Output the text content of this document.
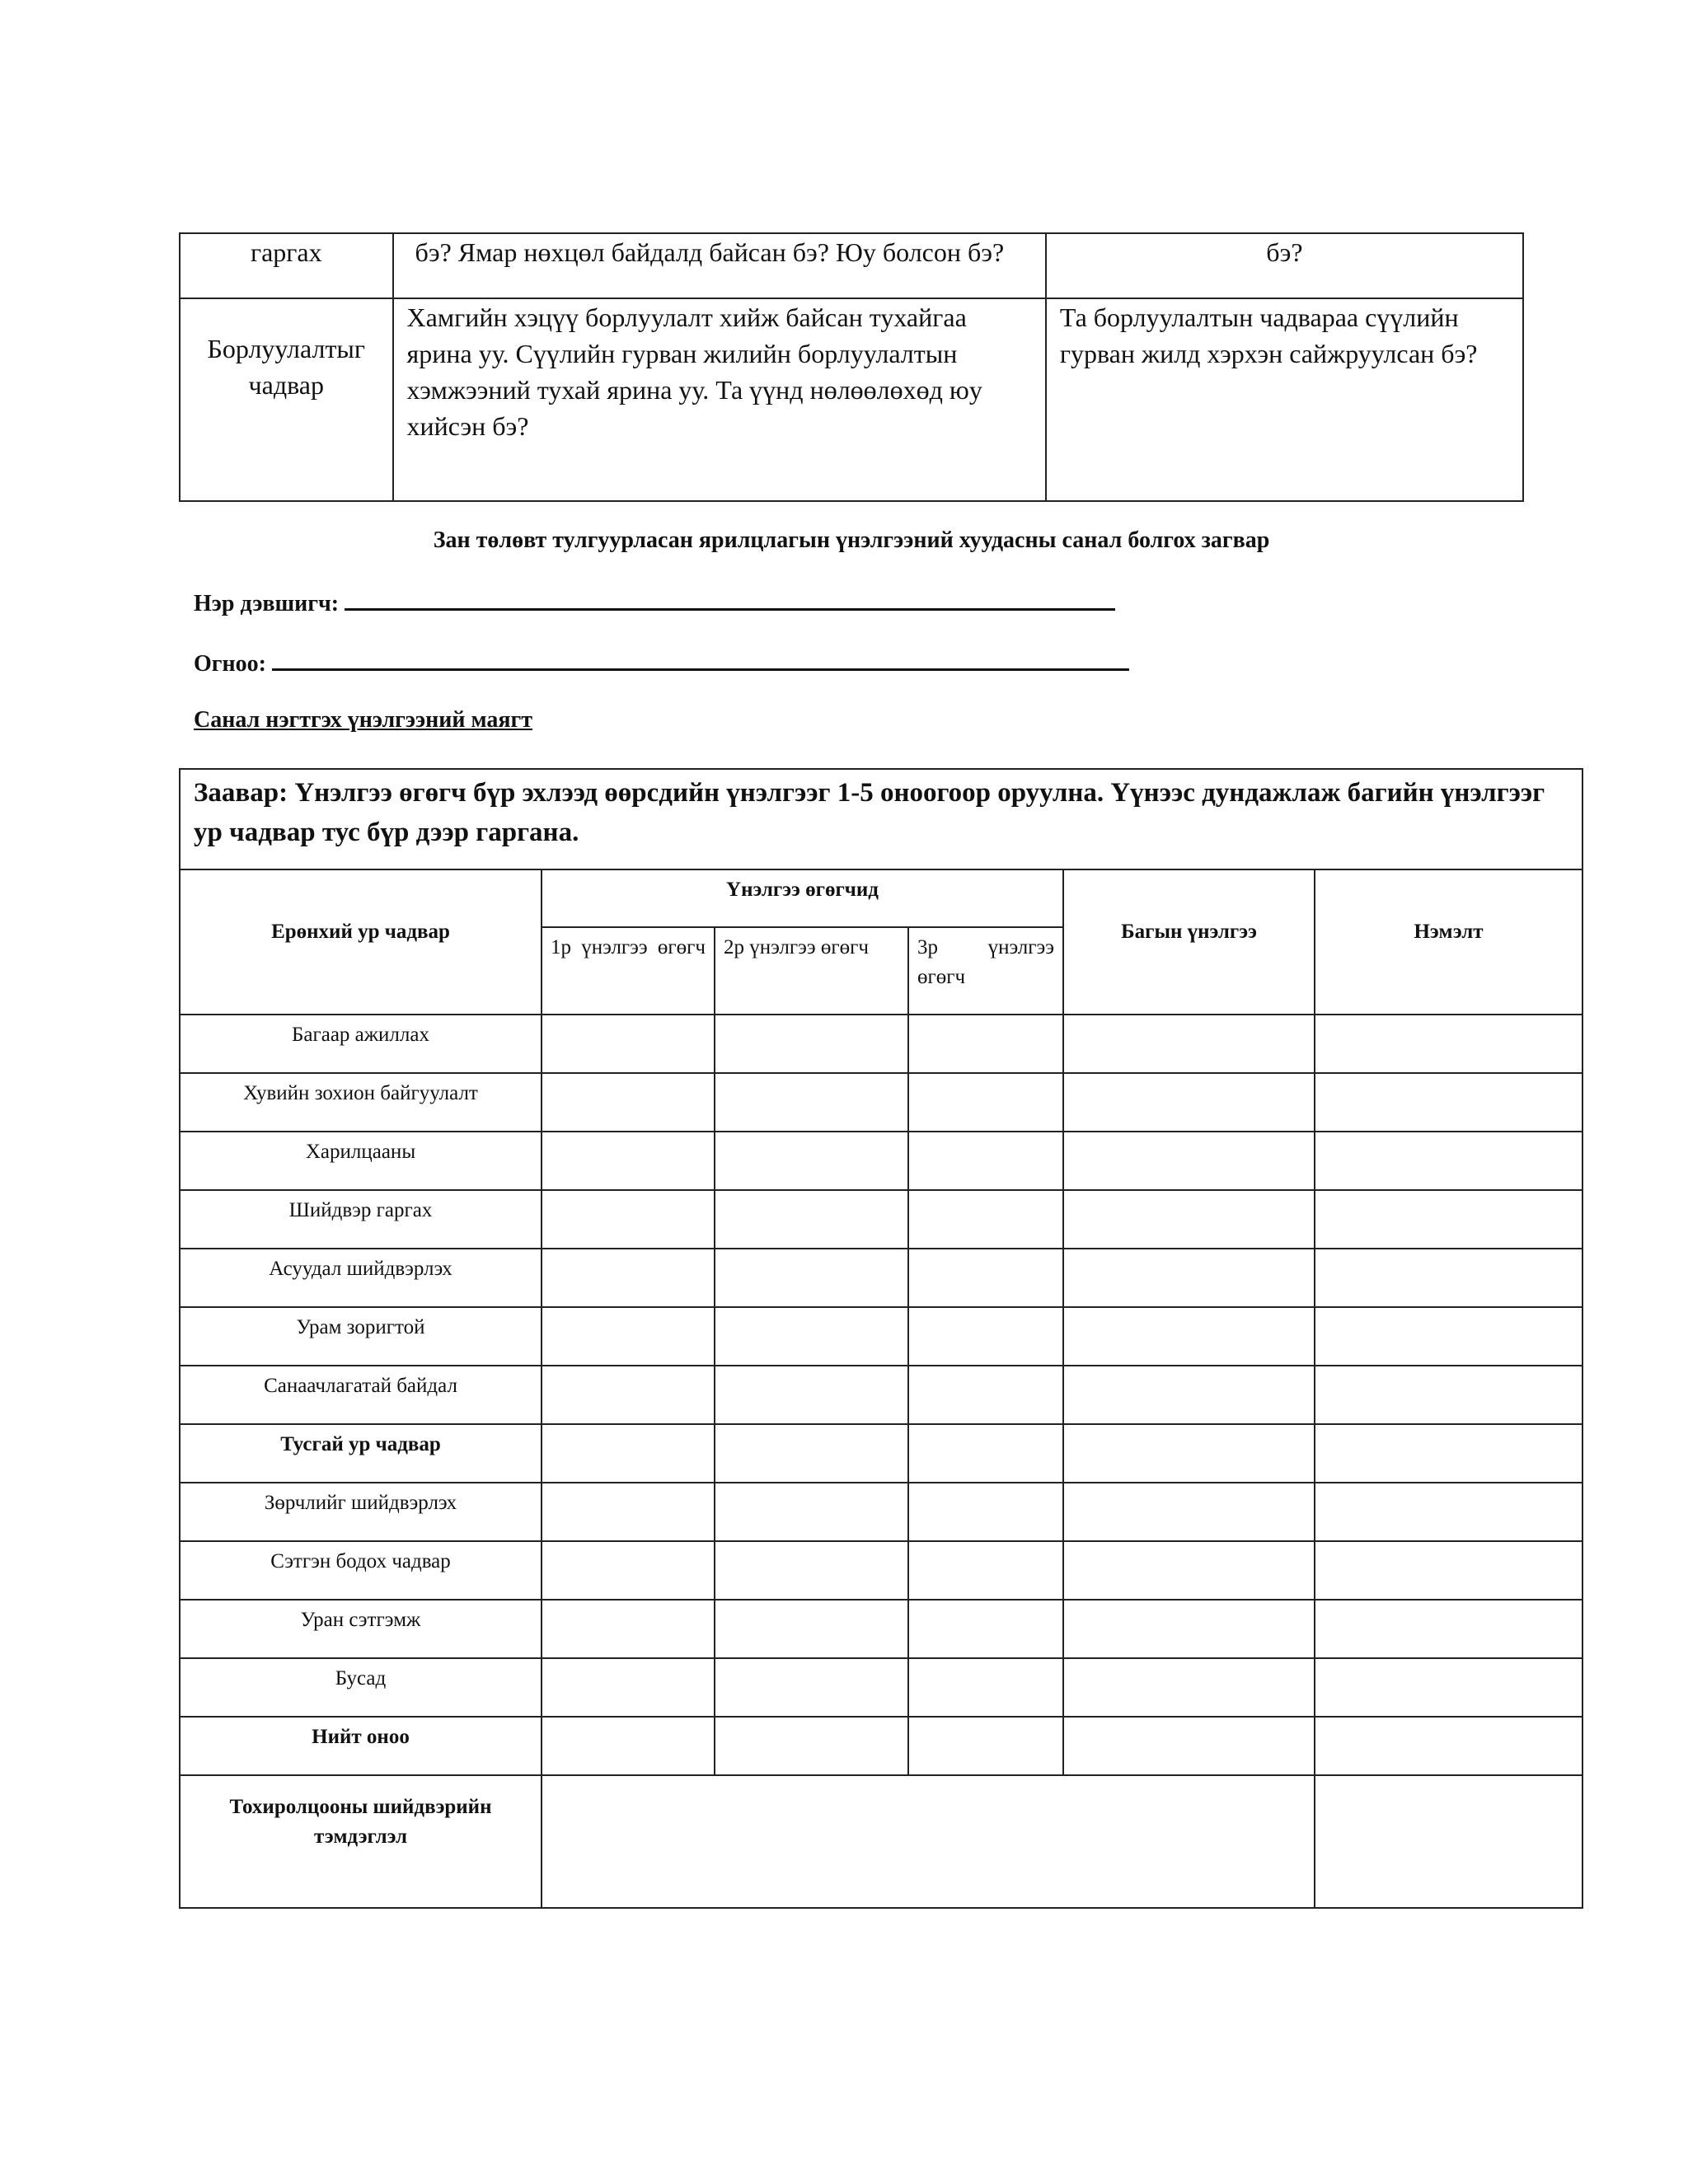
гаргах	бэ? Ямар нөхцөл байдалд байсан бэ? Юу болсон бэ?	бэ?
Борлуулалтыг чадвар	Хамгийн хэцүү борлуулалт хийж байсан тухайгаа ярина уу. Сүүлийн гурван жилийн борлуулалтын хэмжээний тухай ярина уу. Та үүнд нөлөөлөхөд юу хийсэн бэ?	Та борлуулалтын чадвараа сүүлийн гурван жилд хэрхэн сайжруулсан бэ?
Зан төлөвт тулгуурласан ярилцлагын үнэлгээний хуудасны санал болгох загвар
Нэр дэвшигч:
Огноо:
Санал нэгтгэх үнэлгээний маягт
Заавар: Үнэлгээ өгөгч бүр эхлээд өөрсдийн үнэлгээг 1-5 оноогоор оруулна. Үүнээс дундажлаж багийн үнэлгээг ур чадвар тус бүр дээр гаргана.					
Ерөнхий ур чадвар	Үнэлгээ өгөгчид			Багын үнэлгээ	Нэмэлт
	1р үнэлгээ өгөгч	2р үнэлгээ өгөгч	3р үнэлгээ өгөгч		
Багаар ажиллах					
Хувийн зохион байгуулалт					
Харилцааны					
Шийдвэр гаргах					
Асуудал шийдвэрлэх					
Урам зоригтой					
Санаачлагатай байдал					
Тусгай ур чадвар					
Зөрчлийг шийдвэрлэх					
Сэтгэн бодох чадвар					
Уран сэтгэмж					
Бусад					
Нийт оноо					
Тохиролцооны шийдвэрийн тэмдэглэл					
